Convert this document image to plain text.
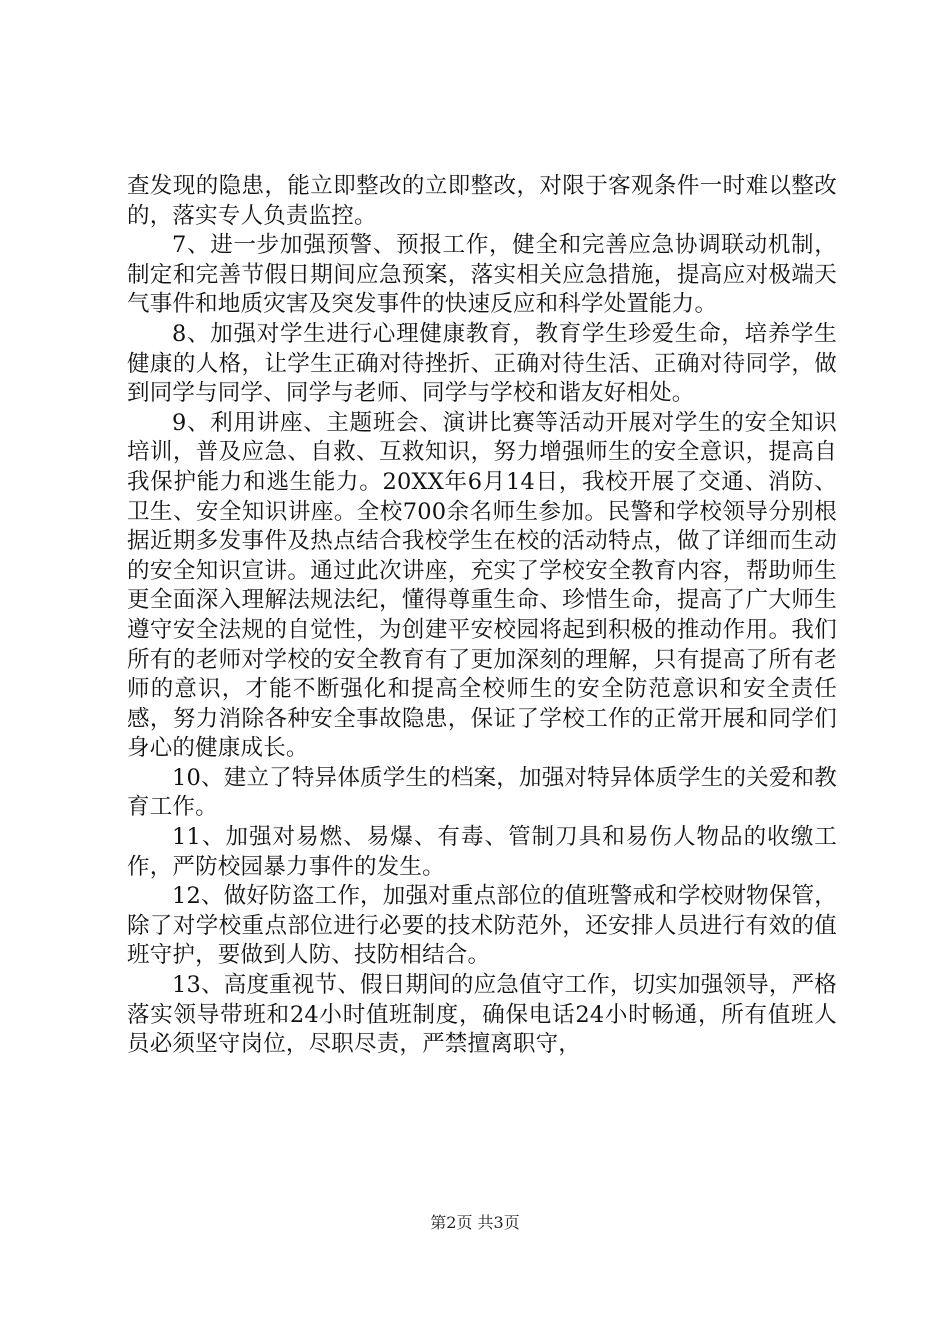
查发现的隐患，能立即整改的立即整改，对限于客观条件一时难以整改的，落实专人负责监控。

7、进一步加强预警、预报工作，健全和完善应急协调联动机制，制定和完善节假日期间应急预案，落实相关应急措施，提高应对极端天气事件和地质灾害及突发事件的快速反应和科学处置能力。

8、加强对学生进行心理健康教育，教育学生珍爱生命，培养学生健康的人格，让学生正确对待挫折、正确对待生活、正确对待同学，做到同学与同学、同学与老师、同学与学校和谐友好相处。

9、利用讲座、主题班会、演讲比赛等活动开展对学生的安全知识培训，普及应急、自救、互救知识，努力增强师生的安全意识，提高自我保护能力和逃生能力。20XX年6月14日，我校开展了交通、消防、卫生、安全知识讲座。全校700余名师生参加。民警和学校领导分别根据近期多发事件及热点结合我校学生在校的活动特点，做了详细而生动的安全知识宣讲。通过此次讲座，充实了学校安全教育内容，帮助师生更全面深入理解法规法纪，懂得尊重生命、珍惜生命，提高了广大师生遵守安全法规的自觉性，为创建平安校园将起到积极的推动作用。我们所有的老师对学校的安全教育有了更加深刻的理解，只有提高了所有老师的意识，才能不断强化和提高全校师生的安全防范意识和安全责任感，努力消除各种安全事故隐患，保证了学校工作的正常开展和同学们身心的健康成长。

10、建立了特异体质学生的档案，加强对特异体质学生的关爱和教育工作。

11、加强对易燃、易爆、有毒、管制刀具和易伤人物品的收缴工作，严防校园暴力事件的发生。

12、做好防盗工作，加强对重点部位的值班警戒和学校财物保管，除了对学校重点部位进行必要的技术防范外，还安排人员进行有效的值班守护，要做到人防、技防相结合。

13、高度重视节、假日期间的应急值守工作，切实加强领导，严格落实领导带班和24小时值班制度，确保电话24小时畅通，所有值班人员必须坚守岗位，尽职尽责，严禁擅离职守，

第2页 共3页
